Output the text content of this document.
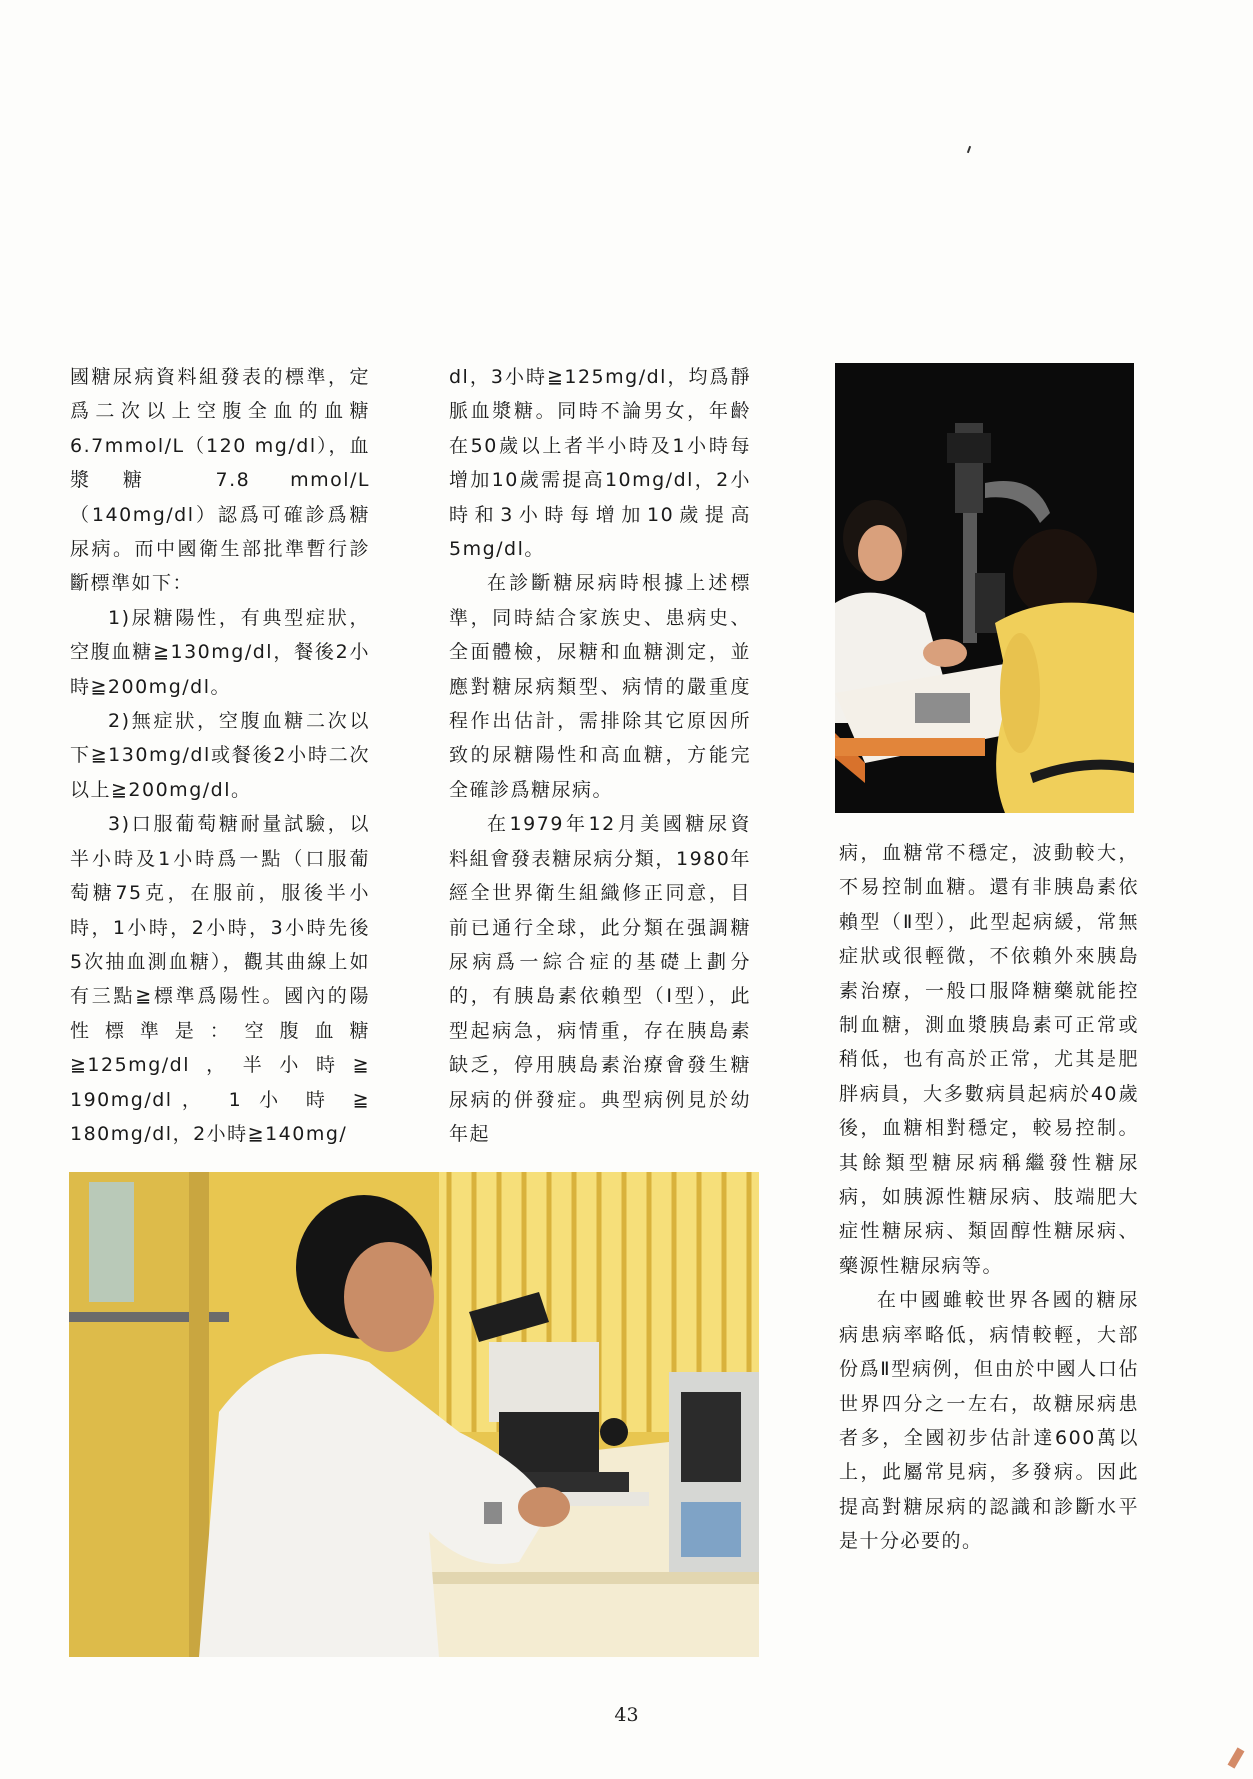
國糖尿病資料組發表的標準，定爲二次以上空腹全血的血糖6.7mmol/L（120 mg/dl），血漿糖 7.8 mmol/L（140mg/dl）認爲可確診爲糖尿病。而中國衛生部批準暫行診斷標準如下：

1)尿糖陽性，有典型症狀，空腹血糖≧130mg/dl，餐後2小時≧200mg/dl。

2)無症狀，空腹血糖二次以下≧130mg/dl或餐後2小時二次以上≧200mg/dl。

3)口服葡萄糖耐量試驗，以半小時及1小時爲一點（口服葡萄糖75克，在服前，服後半小時，1小時，2小時，3小時先後5次抽血測血糖），觀其曲線上如有三點≧標準爲陽性。國內的陽性標準是：空腹血糖≧125mg/dl，半小時≧ 190mg/dl， 1 小 時 ≧ 180mg/dl，2小時≧140mg/

dl，3小時≧125mg/dl，均爲靜脈血漿糖。同時不論男女，年齡在50歲以上者半小時及1小時每增加10歲需提高10mg/dl，2小時和3小時每增加10歲提高5mg/dl。

在診斷糖尿病時根據上述標準，同時結合家族史、患病史、全面體檢，尿糖和血糖測定，並應對糖尿病類型、病情的嚴重度程作出估計，需排除其它原因所致的尿糖陽性和高血糖，方能完全確診爲糖尿病。

在1979年12月美國糖尿資料組會發表糖尿病分類，1980年經全世界衛生組織修正同意，目前已通行全球，此分類在强調糖尿病爲一綜合症的基礎上劃分的，有胰島素依賴型（Ⅰ型），此型起病急，病情重，存在胰島素缺乏，停用胰島素治療會發生糖尿病的併發症。典型病例見於幼年起

病，血糖常不穩定，波動較大，不易控制血糖。還有非胰島素依賴型（Ⅱ型），此型起病緩，常無症狀或很輕微，不依賴外來胰島素治療，一般口服降糖藥就能控制血糖，測血漿胰島素可正常或稍低，也有高於正常，尤其是肥胖病員，大多數病員起病於40歲後，血糖相對穩定，較易控制。其餘類型糖尿病稱繼發性糖尿病，如胰源性糖尿病、肢端肥大症性糖尿病、類固醇性糖尿病、藥源性糖尿病等。

在中國雖較世界各國的糖尿病患病率略低，病情較輕，大部份爲Ⅱ型病例，但由於中國人口佔世界四分之一左右，故糖尿病患者多，全國初步估計達600萬以上，此屬常見病，多發病。因此提高對糖尿病的認識和診斷水平是十分必要的。

43
